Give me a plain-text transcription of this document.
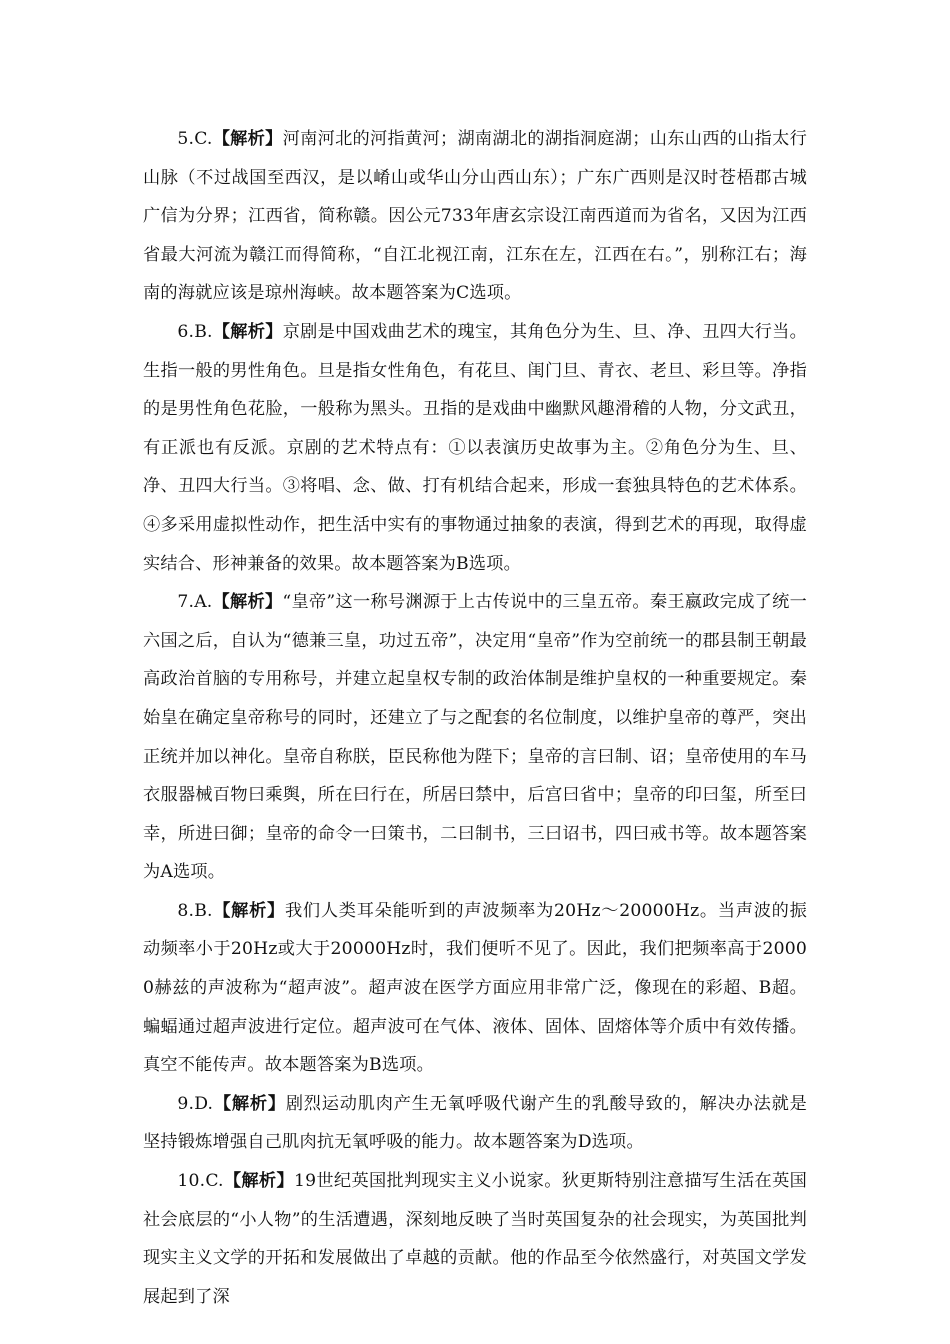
5.C.【解析】河南河北的河指黄河；湖南湖北的湖指洞庭湖；山东山西的山指太行山脉（不过战国至西汉，是以崤山或华山分山西山东）；广东广西则是汉时苍梧郡古城广信为分界；江西省，简称赣。因公元733年唐玄宗设江南西道而为省名，又因为江西省最大河流为赣江而得简称，“自江北视江南，江东在左，江西在右。”，别称江右；海南的海就应该是琼州海峡。故本题答案为C选项。

6.B.【解析】京剧是中国戏曲艺术的瑰宝，其角色分为生、旦、净、丑四大行当。生指一般的男性角色。旦是指女性角色，有花旦、闺门旦、青衣、老旦、彩旦等。净指的是男性角色花脸，一般称为黑头。丑指的是戏曲中幽默风趣滑稽的人物，分文武丑，有正派也有反派。京剧的艺术特点有：①以表演历史故事为主。②角色分为生、旦、净、丑四大行当。③将唱、念、做、打有机结合起来，形成一套独具特色的艺术体系。④多采用虚拟性动作，把生活中实有的事物通过抽象的表演，得到艺术的再现，取得虚实结合、形神兼备的效果。故本题答案为B选项。

7.A.【解析】“皇帝”这一称号渊源于上古传说中的三皇五帝。秦王嬴政完成了统一六国之后，自认为“德兼三皇，功过五帝”，决定用“皇帝”作为空前统一的郡县制王朝最高政治首脑的专用称号，并建立起皇权专制的政治体制是维护皇权的一种重要规定。秦始皇在确定皇帝称号的同时，还建立了与之配套的名位制度，以维护皇帝的尊严，突出正统并加以神化。皇帝自称朕，臣民称他为陛下；皇帝的言曰制、诏；皇帝使用的车马衣服器械百物曰乘舆，所在曰行在，所居曰禁中，后宫曰省中；皇帝的印曰玺，所至曰幸，所进曰御；皇帝的命令一曰策书，二曰制书，三曰诏书，四曰戒书等。故本题答案为A选项。

8.B.【解析】我们人类耳朵能听到的声波频率为20Hz～20000Hz。当声波的振动频率小于20Hz或大于20000Hz时，我们便听不见了。因此，我们把频率高于20000赫兹的声波称为“超声波”。超声波在医学方面应用非常广泛，像现在的彩超、B超。蝙蝠通过超声波进行定位。超声波可在气体、液体、固体、固熔体等介质中有效传播。真空不能传声。故本题答案为B选项。

9.D.【解析】剧烈运动肌肉产生无氧呼吸代谢产生的乳酸导致的，解决办法就是 坚持锻炼增强自己肌肉抗无氧呼吸的能力。故本题答案为D选项。

10.C.【解析】19世纪英国批判现实主义小说家。狄更斯特别注意描写生活在英国社会底层的“小人物”的生活遭遇，深刻地反映了当时英国复杂的社会现实，为英国批判现实主义文学的开拓和发展做出了卓越的贡献。他的作品至今依然盛行，对英国文学发展起到了深
